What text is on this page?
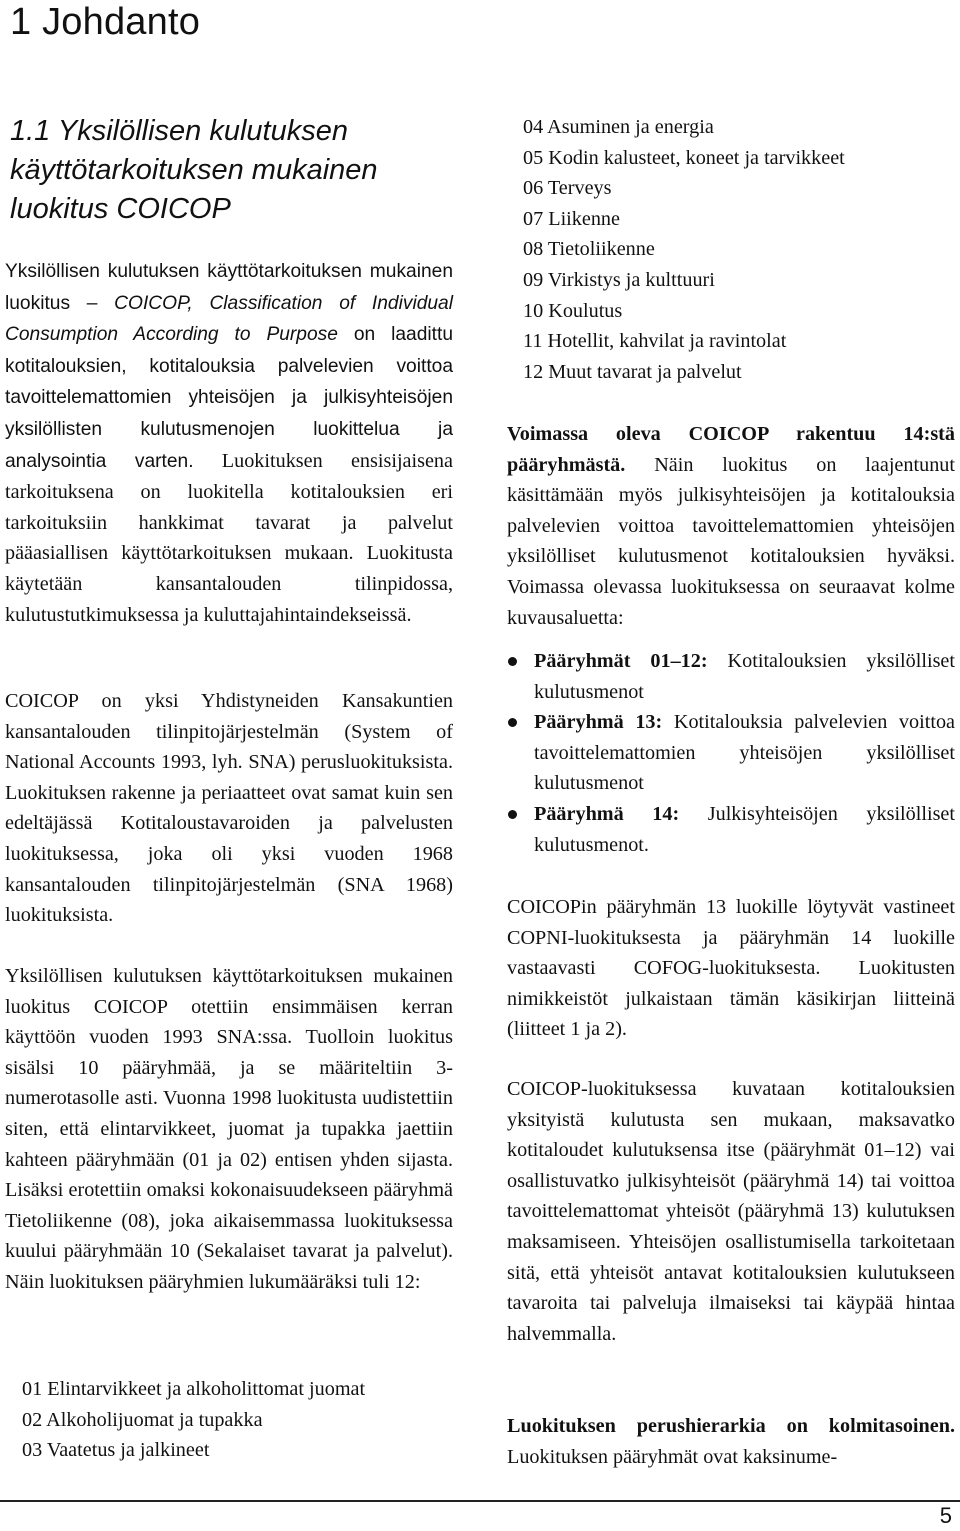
1 Johdanto
1.1 Yksilöllisen kulutuksen käyttötarkoituksen mukainen luokitus COICOP

Yksilöllisen kulutuksen käyttötarkoituksen mukainen luokitus – COICOP, Classification of Individual Consumption According to Purpose on laadittu kotitalouksien, kotitalouksia palvelevien voittoa tavoittelemattomien yhteisöjen ja julkisyhteisöjen yksilöllisten kulutusmenojen luokittelua ja analysointia varten. Luokituksen ensisijaisena tarkoituksena on luokitella kotitalouksien eri tarkoituksiin hankkimat tavarat ja palvelut pääasiallisen käyttötarkoituksen mukaan. Luokitusta käytetään kansantalouden tilinpidossa, kulutustutkimuksessa ja kuluttajahintaindekseissä.

COICOP on yksi Yhdistyneiden Kansakuntien kansantalouden tilinpitojärjestelmän (System of National Accounts 1993, lyh. SNA) perusluokituksista. Luokituksen rakenne ja periaatteet ovat samat kuin sen edeltäjässä Kotitaloustavaroiden ja palvelusten luokituksessa, joka oli yksi vuoden 1968 kansantalouden tilinpitojärjestelmän (SNA 1968) luokituksista.

Yksilöllisen kulutuksen käyttötarkoituksen mukainen luokitus COICOP otettiin ensimmäisen kerran käyttöön vuoden 1993 SNA:ssa. Tuolloin luokitus sisälsi 10 pääryhmää, ja se määriteltiin 3-numerotasolle asti. Vuonna 1998 luokitusta uudistettiin siten, että elintarvikkeet, juomat ja tupakka jaettiin kahteen pääryhmään (01 ja 02) entisen yhden sijasta. Lisäksi erotettiin omaksi kokonaisuudekseen pääryhmä Tietoliikenne (08), joka aikaisemmassa luokituksessa kuului pääryhmään 10 (Sekalaiset tavarat ja palvelut). Näin luokituksen pääryhmien lukumääräksi tuli 12:

01 Elintarvikkeet ja alkoholittomat juomat
02 Alkoholijuomat ja tupakka
03 Vaatetus ja jalkineet
04 Asuminen ja energia
05 Kodin kalusteet, koneet ja tarvikkeet
06 Terveys
07 Liikenne
08 Tietoliikenne
09 Virkistys ja kulttuuri
10 Koulutus
11 Hotellit, kahvilat ja ravintolat
12 Muut tavarat ja palvelut

Voimassa oleva COICOP rakentuu 14:stä pääryhmästä. Näin luokitus on laajentunut käsittämään myös julkisyhteisöjen ja kotitalouksia palvelevien voittoa tavoittelemattomien yhteisöjen yksilölliset kulutusmenot kotitalouksien hyväksi. Voimassa olevassa luokituksessa on seuraavat kolme kuvausaluetta:

Pääryhmät 01–12: Kotitalouksien yksilölliset kulutusmenot
Pääryhmä 13: Kotitalouksia palvelevien voittoa tavoittelemattomien yhteisöjen yksilölliset kulutusmenot
Pääryhmä 14: Julkisyhteisöjen yksilölliset kulutusmenot.

COICOPin pääryhmän 13 luokille löytyvät vastineet COPNI-luokituksesta ja pääryhmän 14 luokille vastaavasti COFOG-luokituksesta. Luokitusten nimikkeistöt julkaistaan tämän käsikirjan liitteinä (liitteet 1 ja 2).

COICOP-luokituksessa kuvataan kotitalouksien yksityistä kulutusta sen mukaan, maksavatko kotitaloudet kulutuksensa itse (pääryhmät 01–12) vai osallistuvatko julkisyhteisöt (pääryhmä 14) tai voittoa tavoittelemattomat yhteisöt (pääryhmä 13) kulutuksen maksamiseen. Yhteisöjen osallistumisella tarkoitetaan sitä, että yhteisöt antavat kotitalouksien kulutukseen tavaroita tai palveluja ilmaiseksi tai käypää hintaa halvemmalla.

Luokituksen perushierarkia on kolmitasoinen. Luokituksen pääryhmät ovat kaksinume-

5
